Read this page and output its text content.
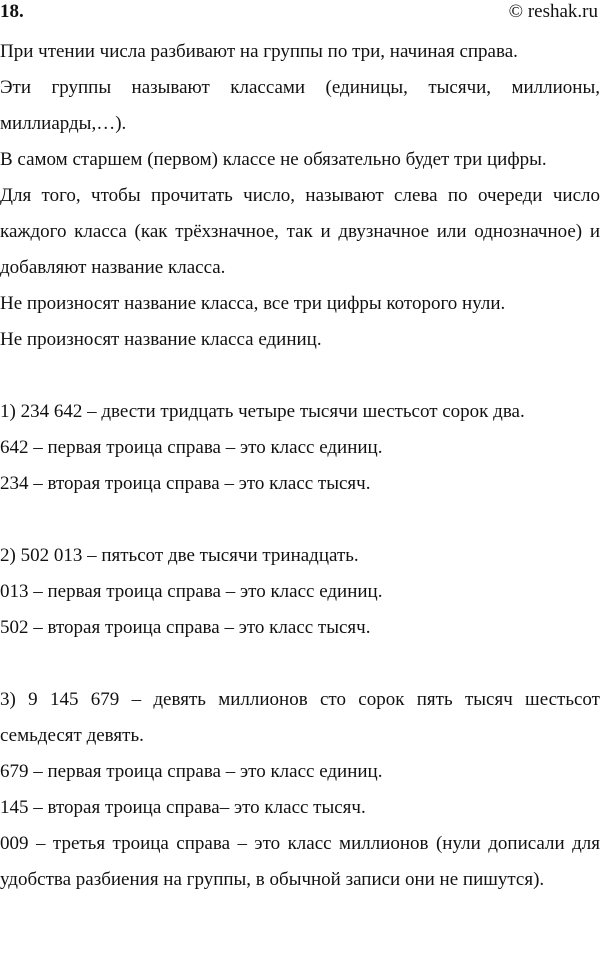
18.	© reshak.ru

При чтении числа разбивают на группы по три, начиная справа.

Эти группы называют классами (единицы, тысячи, миллионы, миллиарды,…).

В самом старшем (первом) классе не обязательно будет три цифры.

Для того, чтобы прочитать число, называют слева по очереди число каждого класса (как трёхзначное, так и двузначное или однозначное) и добавляют название класса.

Не произносят название класса, все три цифры которого нули.

Не произносят название класса единиц.

1) 234 642 – двести тридцать четыре тысячи шестьсот сорок два.

642 – первая троица справа – это класс единиц.

234 – вторая троица справа – это класс тысяч.

2) 502 013 – пятьсот две тысячи тринадцать.

013 – первая троица справа – это класс единиц.

502 – вторая троица справа – это класс тысяч.

3) 9 145 679 – девять миллионов сто сорок пять тысяч шестьсот семьдесят девять.

679 – первая троица справа – это класс единиц.

145 – вторая троица справа– это класс тысяч.

009 – третья троица справа – это класс миллионов (нули дописали для удобства разбиения на группы, в обычной записи они не пишутся).
